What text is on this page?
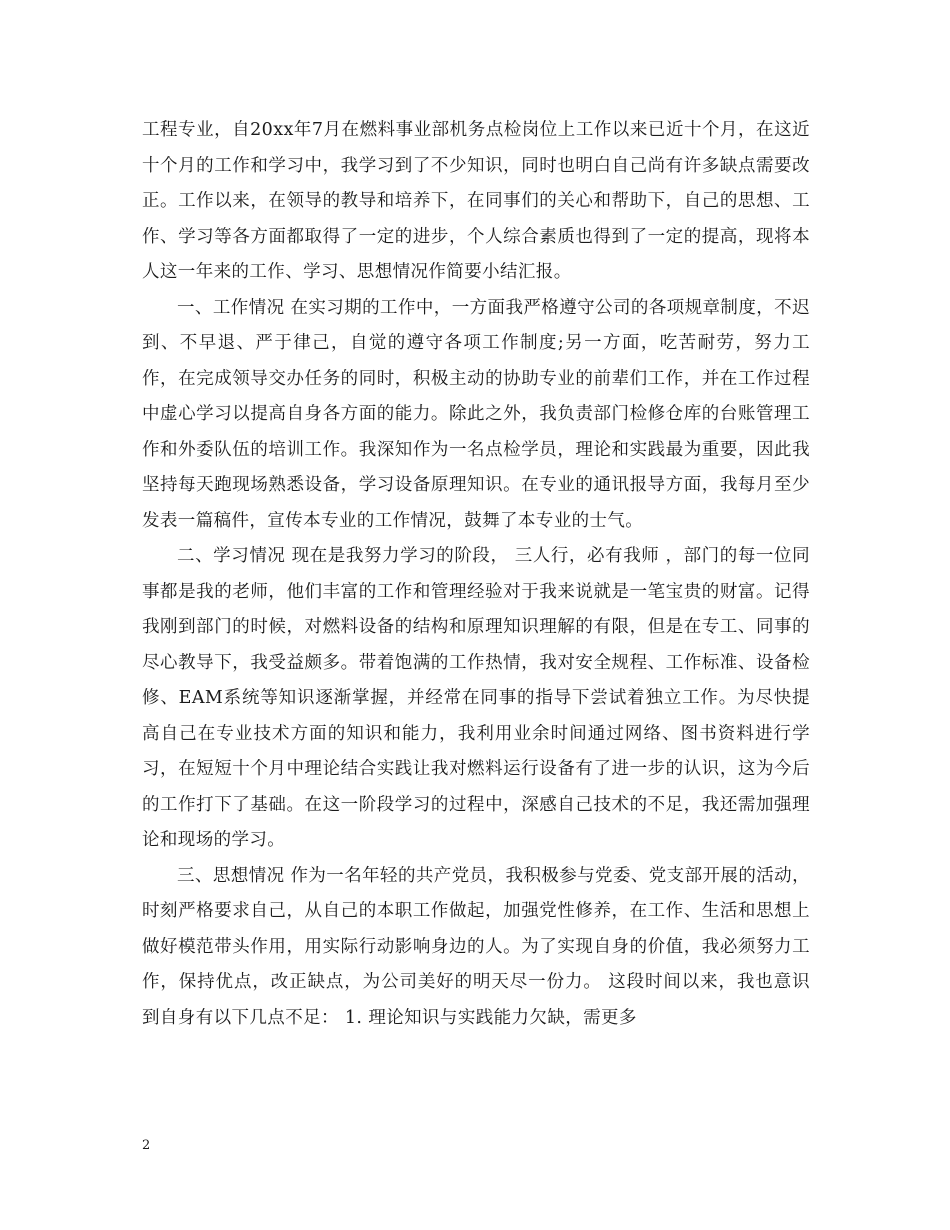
工程专业，自20xx年7月在燃料事业部机务点检岗位上工作以来已近十个月，在这近十个月的工作和学习中，我学习到了不少知识，同时也明白自己尚有许多缺点需要改正。工作以来，在领导的教导和培养下，在同事们的关心和帮助下，自己的思想、工作、学习等各方面都取得了一定的进步，个人综合素质也得到了一定的提高，现将本人这一年来的工作、学习、思想情况作简要小结汇报。

一、工作情况 在实习期的工作中，一方面我严格遵守公司的各项规章制度，不迟到、不早退、严于律己，自觉的遵守各项工作制度;另一方面，吃苦耐劳，努力工作，在完成领导交办任务的同时，积极主动的协助专业的前辈们工作，并在工作过程中虚心学习以提高自身各方面的能力。除此之外，我负责部门检修仓库的台账管理工作和外委队伍的培训工作。我深知作为一名点检学员，理论和实践最为重要，因此我坚持每天跑现场熟悉设备，学习设备原理知识。在专业的通讯报导方面，我每月至少发表一篇稿件，宣传本专业的工作情况，鼓舞了本专业的士气。

二、学习情况 现在是我努力学习的阶段， 三人行，必有我师 ，部门的每一位同事都是我的老师，他们丰富的工作和管理经验对于我来说就是一笔宝贵的财富。记得我刚到部门的时候，对燃料设备的结构和原理知识理解的有限，但是在专工、同事的尽心教导下，我受益颇多。带着饱满的工作热情，我对安全规程、工作标准、设备检修、EAM系统等知识逐渐掌握，并经常在同事的指导下尝试着独立工作。为尽快提高自己在专业技术方面的知识和能力，我利用业余时间通过网络、图书资料进行学习，在短短十个月中理论结合实践让我对燃料运行设备有了进一步的认识，这为今后的工作打下了基础。在这一阶段学习的过程中，深感自己技术的不足，我还需加强理论和现场的学习。

三、思想情况 作为一名年轻的共产党员，我积极参与党委、党支部开展的活动，时刻严格要求自己，从自己的本职工作做起，加强党性修养，在工作、生活和思想上做好模范带头作用，用实际行动影响身边的人。为了实现自身的价值，我必须努力工作，保持优点，改正缺点，为公司美好的明天尽一份力。 这段时间以来，我也意识到自身有以下几点不足： 1. 理论知识与实践能力欠缺，需更多

2
